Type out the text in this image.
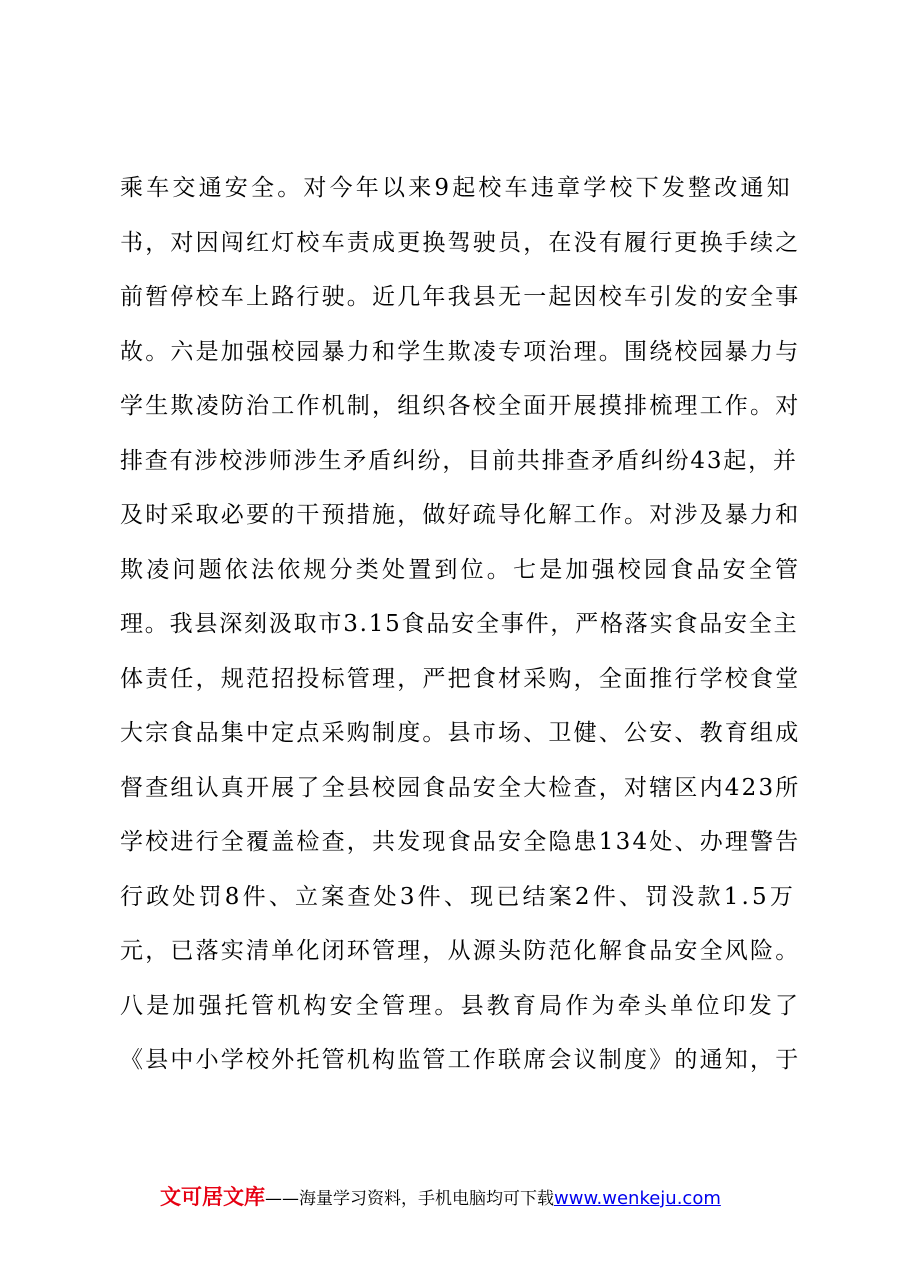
乘车交通安全。对今年以来9起校车违章学校下发整改通知
书，对因闯红灯校车责成更换驾驶员，在没有履行更换手续之
前暂停校车上路行驶。近几年我县无一起因校车引发的安全事
故。六是加强校园暴力和学生欺凌专项治理。围绕校园暴力与
学生欺凌防治工作机制，组织各校全面开展摸排梳理工作。对
排查有涉校涉师涉生矛盾纠纷，目前共排查矛盾纠纷43起，并
及时采取必要的干预措施，做好疏导化解工作。对涉及暴力和
欺凌问题依法依规分类处置到位。七是加强校园食品安全管
理。我县深刻汲取市3.15食品安全事件，严格落实食品安全主
体责任，规范招投标管理，严把食材采购，全面推行学校食堂
大宗食品集中定点采购制度。县市场、卫健、公安、教育组成
督查组认真开展了全县校园食品安全大检查，对辖区内423所
学校进行全覆盖检查，共发现食品安全隐患134处、办理警告
行政处罚8件、立案查处3件、现已结案2件、罚没款1.5万
元，已落实清单化闭环管理，从源头防范化解食品安全风险。
八是加强托管机构安全管理。县教育局作为牵头单位印发了
《县中小学校外托管机构监管工作联席会议制度》的通知，于
文可居文库——海量学习资料，手机电脑均可下载www.wenkeju.com
